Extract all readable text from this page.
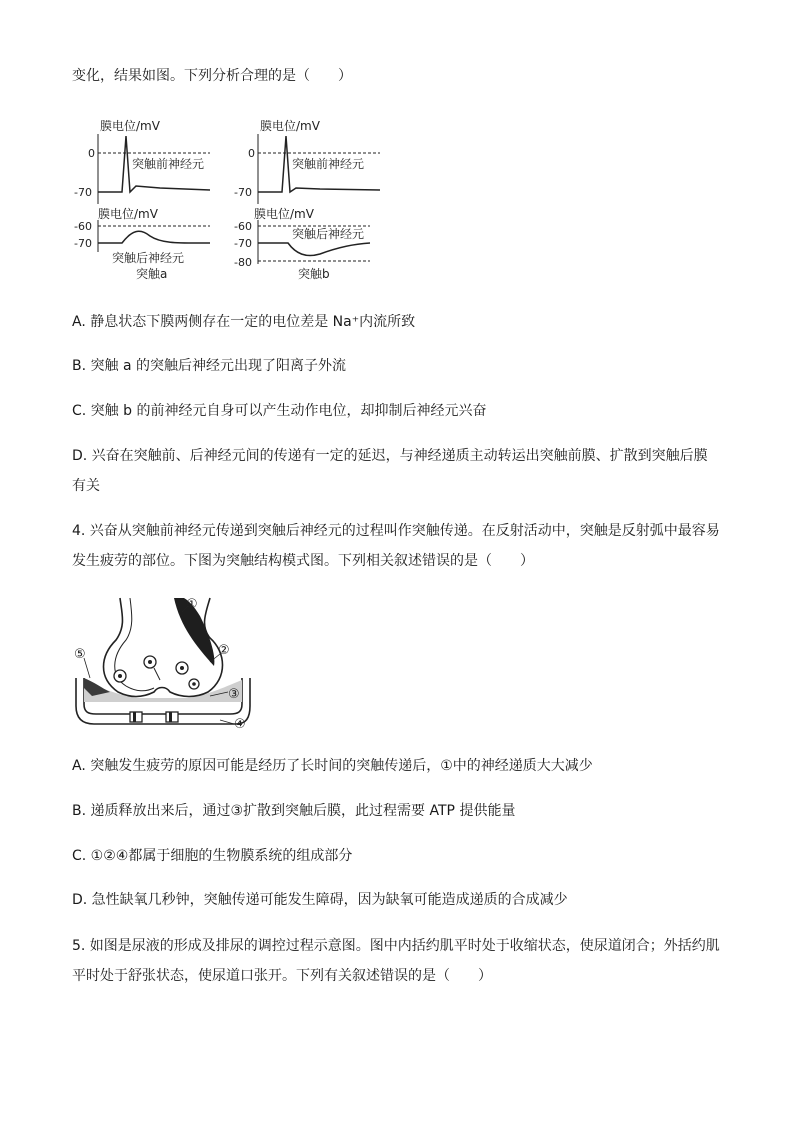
变化，结果如图。下列分析合理的是（　　）
膜电位/mV
0
-70
突触前神经元
膜电位/mV
-60
-70
突触后神经元
突触a
膜电位/mV
0
-70
突触前神经元
膜电位/mV
-60
-70
-80
突触后神经元
突触b
A. 静息状态下膜两侧存在一定的电位差是 Na⁺内流所致
B. 突触 a 的突触后神经元出现了阳离子外流
C. 突触 b 的前神经元自身可以产生动作电位，却抑制后神经元兴奋
D. 兴奋在突触前、后神经元间的传递有一定的延迟，与神经递质主动转运出突触前膜、扩散到突触后膜
有关
4. 兴奋从突触前神经元传递到突触后神经元的过程叫作突触传递。在反射活动中，突触是反射弧中最容易
发生疲劳的部位。下图为突触结构模式图。下列相关叙述错误的是（　　）
①
②
③
④
⑤
A. 突触发生疲劳的原因可能是经历了长时间的突触传递后，①中的神经递质大大减少
B. 递质释放出来后，通过③扩散到突触后膜，此过程需要 ATP 提供能量
C. ①②④都属于细胞的生物膜系统的组成部分
D. 急性缺氧几秒钟，突触传递可能发生障碍，因为缺氧可能造成递质的合成减少
5. 如图是尿液的形成及排尿的调控过程示意图。图中内括约肌平时处于收缩状态，使尿道闭合；外括约肌
平时处于舒张状态，使尿道口张开。下列有关叙述错误的是（　　）
